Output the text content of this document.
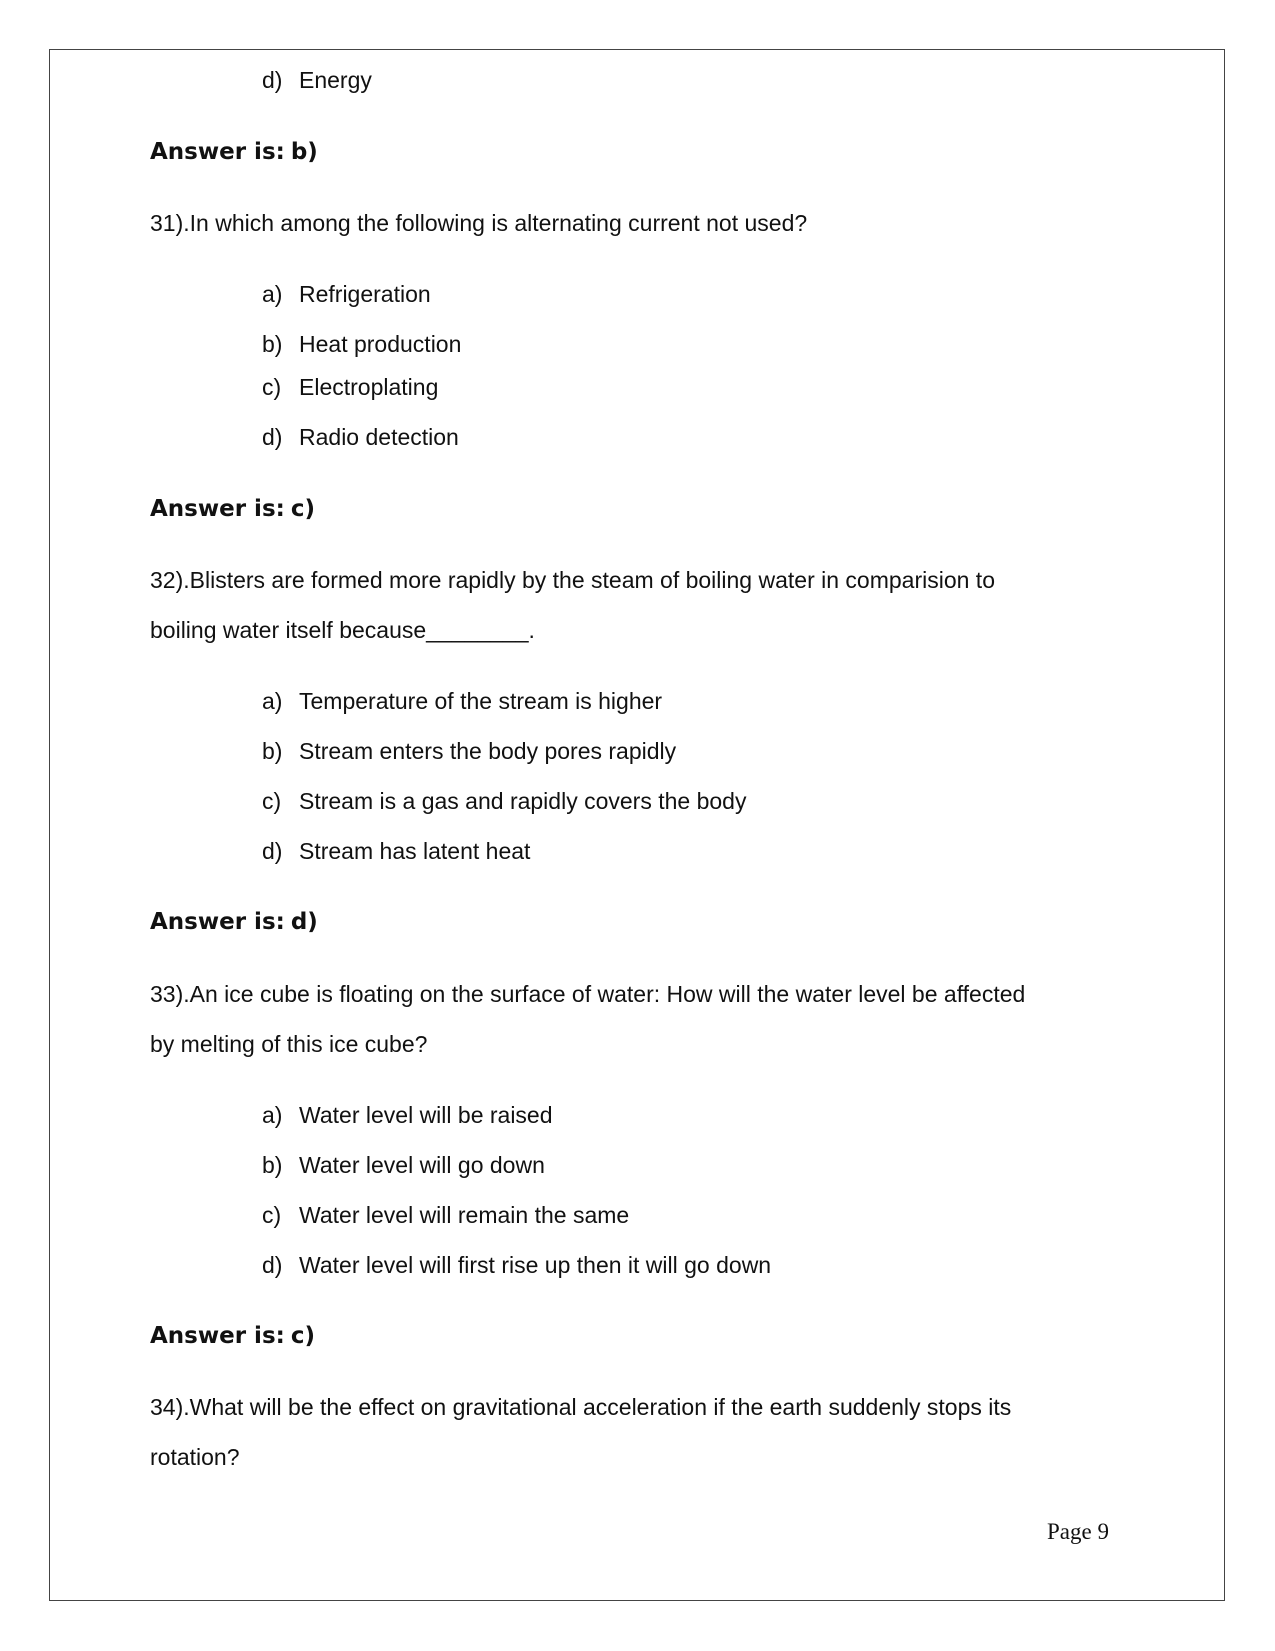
d) Energy
Answer is: b)
31).In which among the following is alternating current not used?
a) Refrigeration
b) Heat production
c) Electroplating
d) Radio detection
Answer is: c)
32).Blisters are formed more rapidly by the steam of boiling water in comparision to
boiling water itself because________.
a) Temperature of the stream is higher
b) Stream enters the body pores rapidly
c) Stream is a gas and rapidly covers the body
d) Stream has latent heat
Answer is: d)
33).An ice cube is floating on the surface of water: How will the water level be affected
by melting of this ice cube?
a) Water level will be raised
b) Water level will go down
c) Water level will remain the same
d) Water level will first rise up then it will go down
Answer is: c)
34).What will be the effect on gravitational acceleration if the earth suddenly stops its
rotation?
Page 9
